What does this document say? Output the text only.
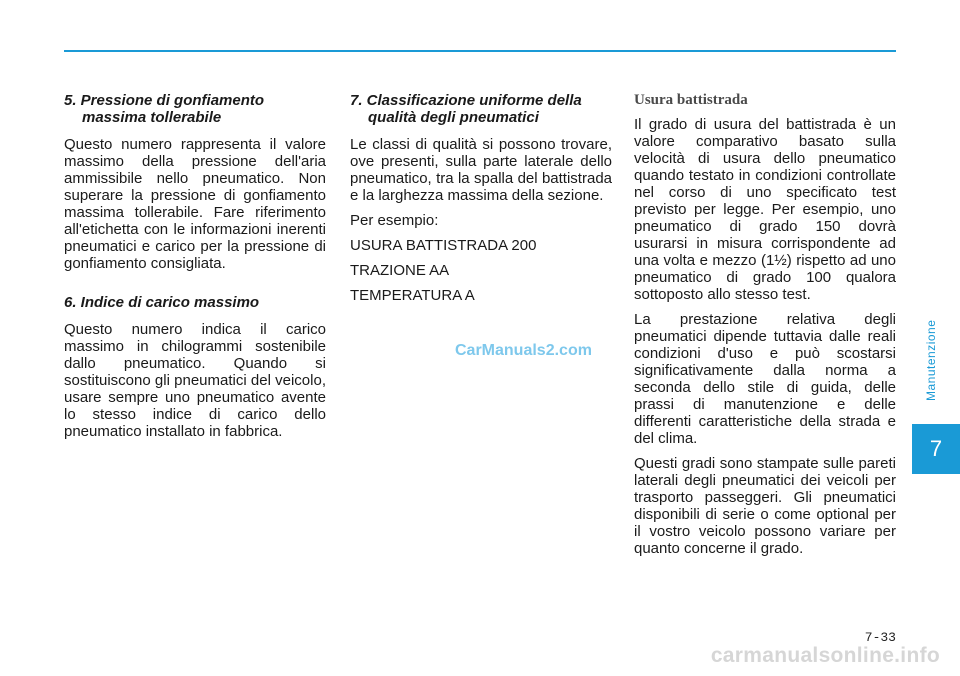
5. Pressione di gonfiamento massima tollerabile

Questo numero rappresenta il valore massimo della pressione dell'aria ammissibile nello pneumatico. Non superare la pressione di gonfiamento massima tollerabile. Fare riferimento all'etichetta con le informazioni inerenti pneumatici e carico per la pressione di gonfiamento consigliata.

6. Indice di carico massimo

Questo numero indica il carico massimo in chilogrammi sostenibile dallo pneumatico. Quando si sostituiscono gli pneumatici del veicolo, usare sempre uno pneumatico avente lo stesso indice di carico dello pneumatico installato in fabbrica.

7. Classificazione uniforme della qualità degli pneumatici

Le classi di qualità si possono trovare, ove presenti, sulla parte laterale dello pneumatico, tra la spalla del battistrada e la larghezza massima della sezione.

Per esempio:

USURA BATTISTRADA 200

TRAZIONE AA

TEMPERATURA A

Usura battistrada

Il grado di usura del battistrada è un valore comparativo basato sulla velocità di usura dello pneumatico quando testato in condizioni controllate nel corso di uno specificato test previsto per legge. Per esempio, uno pneumatico di grado 150 dovrà usurarsi in misura corrispondente ad una volta e mezzo (1½) rispetto ad uno pneumatico di grado 100 qualora sottoposto allo stesso test.

La prestazione relativa degli pneumatici dipende tuttavia dalle reali condizioni d'uso e può scostarsi significativamente dalla norma a seconda dello stile di guida, delle prassi di manutenzione e delle differenti caratteristiche della strada e del clima.

Questi gradi sono stampate sulle pareti laterali degli pneumatici dei veicoli per trasporto passeggeri. Gli pneumatici disponibili di serie o come optional per il vostro veicolo possono variare per quanto concerne il grado.

CarManuals2.com	Manutenzione
7
7-33
carmanualsonline.info
